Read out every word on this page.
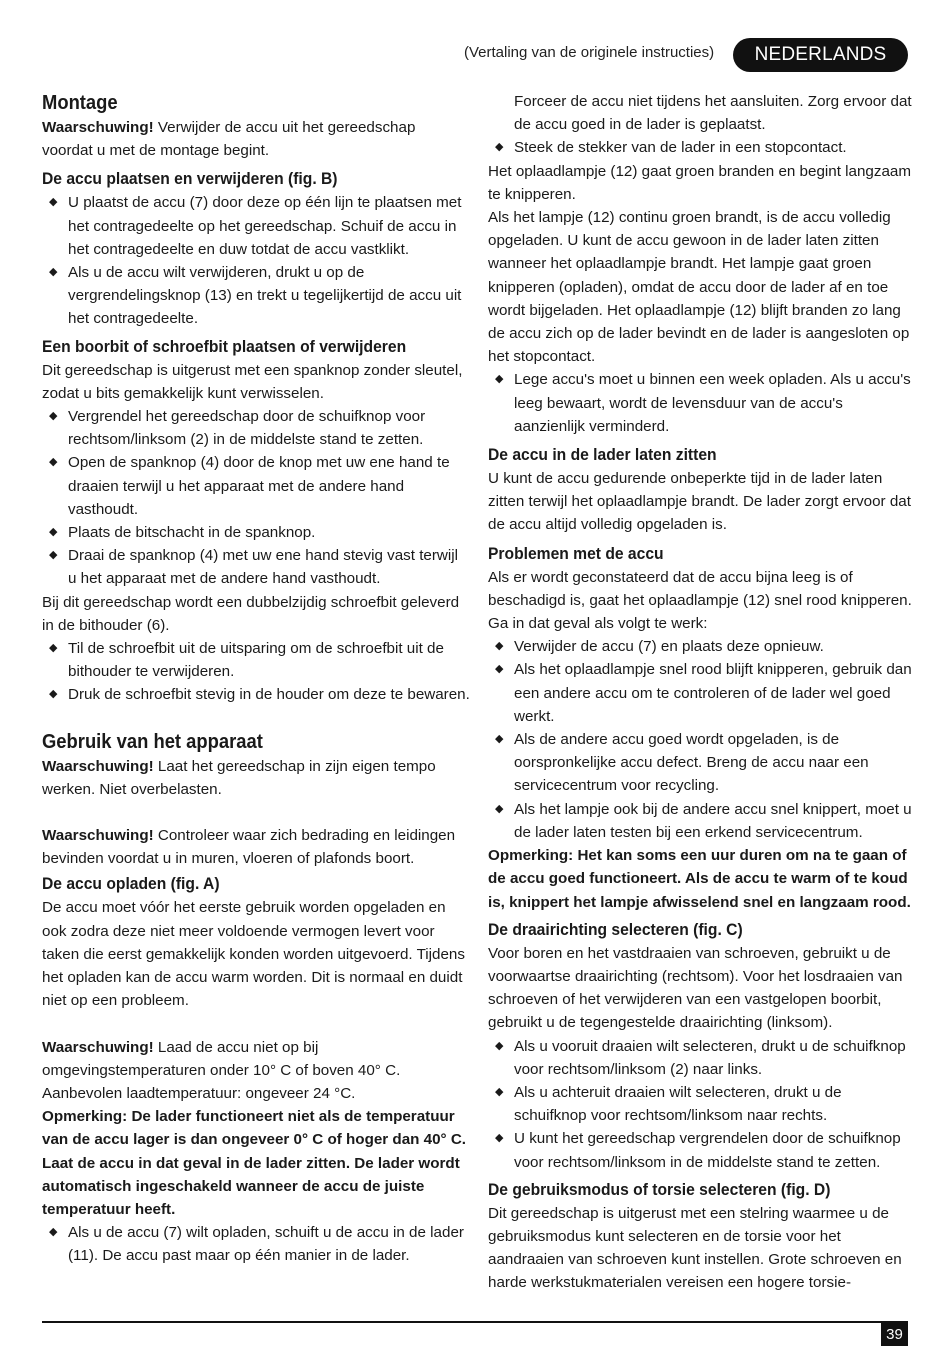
(Vertaling van de originele instructies)	NEDERLANDS
Montage

Waarschuwing! Verwijder de accu uit het gereedschap voordat u met de montage begint.

De accu plaatsen en verwijderen (fig. B)
◆ U plaatst de accu (7) door deze op één lijn te plaatsen met het contragedeelte op het gereedschap. Schuif de accu in het contragedeelte en duw totdat de accu vastklikt.
◆ Als u de accu wilt verwijderen, drukt u op de vergrendelingsknop (13) en trekt u tegelijkertijd de accu uit het contragedeelte.
Een boorbit of schroefbit plaatsen of verwijderen

Dit gereedschap is uitgerust met een spanknop zonder sleutel, zodat u bits gemakkelijk kunt verwisselen.

◆ Vergrendel het gereedschap door de schuifknop voor rechtsom/linksom (2) in de middelste stand te zetten.
◆ Open de spanknop (4) door de knop met uw ene hand te draaien terwijl u het apparaat met de andere hand vasthoudt.
◆ Plaats de bitschacht in de spanknop.
◆ Draai de spanknop (4) met uw ene hand stevig vast terwijl u het apparaat met de andere hand vasthoudt.

Bij dit gereedschap wordt een dubbelzijdig schroefbit geleverd in de bithouder (6).

◆ Til de schroefbit uit de uitsparing om de schroefbit uit de bithouder te verwijderen.
◆ Druk de schroefbit stevig in de houder om deze te bewaren.
Gebruik van het apparaat

Waarschuwing! Laat het gereedschap in zijn eigen tempo werken. Niet overbelasten.

Waarschuwing! Controleer waar zich bedrading en leidingen bevinden voordat u in muren, vloeren of plafonds boort.

De accu opladen (fig. A)

De accu moet vóór het eerste gebruik worden opgeladen en ook zodra deze niet meer voldoende vermogen levert voor taken die eerst gemakkelijk konden worden uitgevoerd. Tijdens het opladen kan de accu warm worden. Dit is normaal en duidt niet op een probleem.

Waarschuwing! Laad de accu niet op bij omgevingstemperaturen onder 10° C of boven 40° C. Aanbevolen laadtemperatuur: ongeveer 24 °C.

Opmerking: De lader functioneert niet als de temperatuur van de accu lager is dan ongeveer 0° C of hoger dan 40° C.

Laat de accu in dat geval in de lader zitten. De lader wordt automatisch ingeschakeld wanneer de accu de juiste temperatuur heeft.

◆ Als u de accu (7) wilt opladen, schuift u de accu in de lader (11). De accu past maar op één manier in de lader.

Forceer de accu niet tijdens het aansluiten. Zorg ervoor dat de accu goed in de lader is geplaatst.

◆ Steek de stekker van de lader in een stopcontact.

Het oplaadlampje (12) gaat groen branden en begint langzaam te knipperen.

Als het lampje (12) continu groen brandt, is de accu volledig opgeladen. U kunt de accu gewoon in de lader laten zitten wanneer het oplaadlampje brandt. Het lampje gaat groen knipperen (opladen), omdat de accu door de lader af en toe wordt bijgeladen. Het oplaadlampje (12) blijft branden zo lang de accu zich op de lader bevindt en de lader is aangesloten op het stopcontact.

◆ Lege accu's moet u binnen een week opladen. Als u accu's leeg bewaart, wordt de levensduur van de accu's aanzienlijk verminderd.
De accu in de lader laten zitten

U kunt de accu gedurende onbeperkte tijd in de lader laten zitten terwijl het oplaadlampje brandt. De lader zorgt ervoor dat de accu altijd volledig opgeladen is.

Problemen met de accu

Als er wordt geconstateerd dat de accu bijna leeg is of beschadigd is, gaat het oplaadlampje (12) snel rood knipperen. Ga in dat geval als volgt te werk:

◆ Verwijder de accu (7) en plaats deze opnieuw.
◆ Als het oplaadlampje snel rood blijft knipperen, gebruik dan een andere accu om te controleren of de lader wel goed werkt.
◆ Als de andere accu goed wordt opgeladen, is de oorspronkelijke accu defect. Breng de accu naar een servicecentrum voor recycling.
◆ Als het lampje ook bij de andere accu snel knippert, moet u de lader laten testen bij een erkend servicecentrum.

Opmerking: Het kan soms een uur duren om na te gaan of de accu goed functioneert. Als de accu te warm of te koud is, knippert het lampje afwisselend snel en langzaam rood.

De draairichting selecteren (fig. C)

Voor boren en het vastdraaien van schroeven, gebruikt u de voorwaartse draairichting (rechtsom). Voor het losdraaien van schroeven of het verwijderen van een vastgelopen boorbit, gebruikt u de tegengestelde draairichting (linksom).

◆ Als u vooruit draaien wilt selecteren, drukt u de schuifknop voor rechtsom/linksom (2) naar links.
◆ Als u achteruit draaien wilt selecteren, drukt u de schuifknop voor rechtsom/linksom naar rechts.
◆ U kunt het gereedschap vergrendelen door de schuifknop voor rechtsom/linksom in de middelste stand te zetten.
De gebruiksmodus of torsie selecteren (fig. D)

Dit gereedschap is uitgerust met een stelring waarmee u de gebruiksmodus kunt selecteren en de torsie voor het aandraaien van schroeven kunt instellen. Grote schroeven en harde werkstukmaterialen vereisen een hogere torsie-

39
